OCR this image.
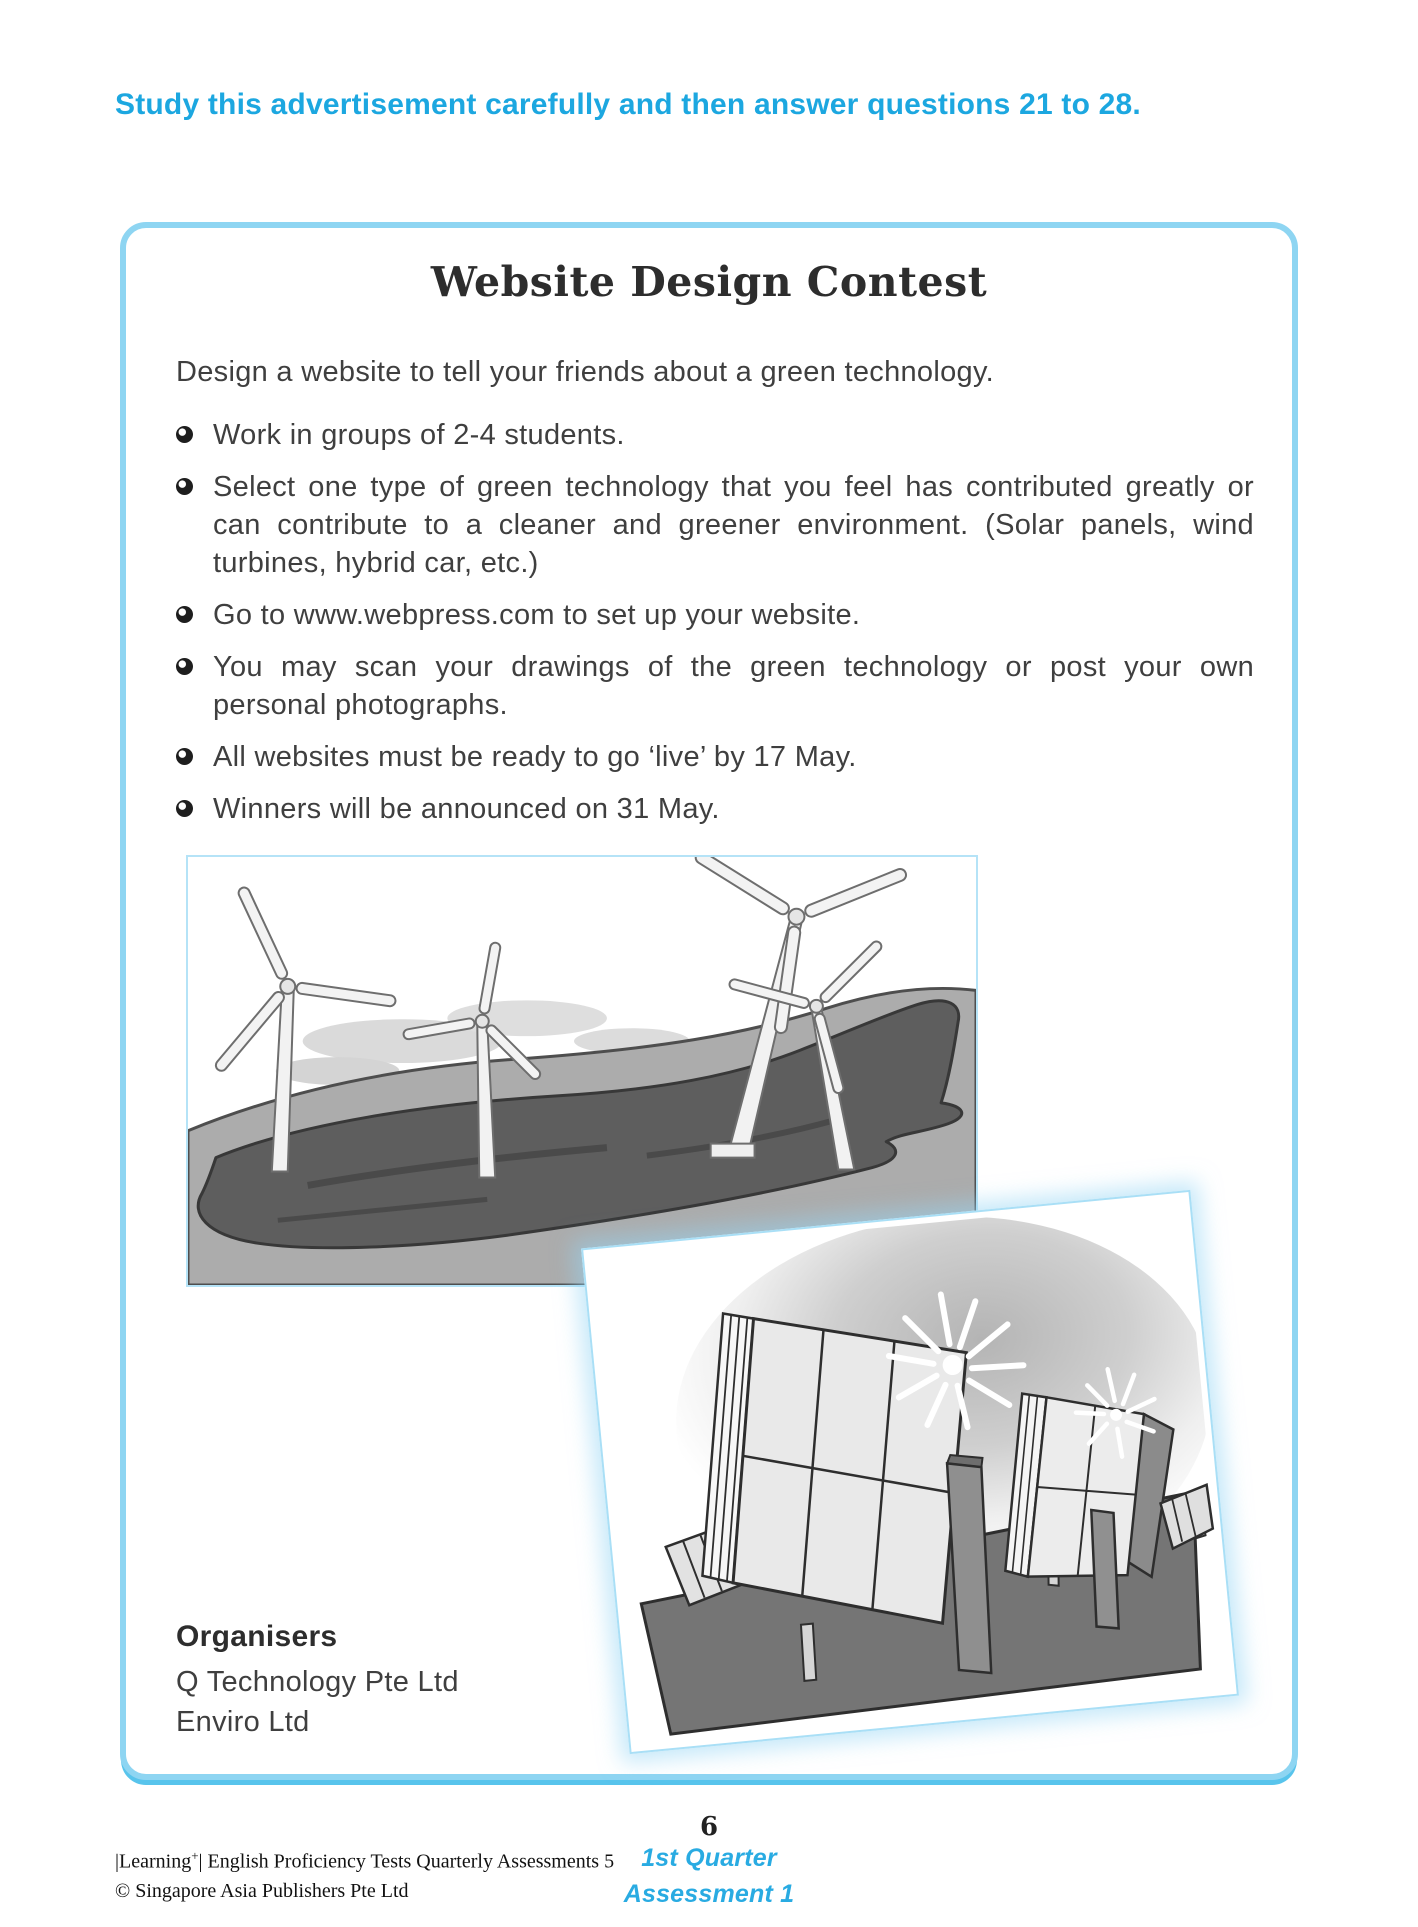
Study this advertisement carefully and then answer questions 21 to 28.
Website Design Contest
Design a website to tell your friends about a green technology.
Work in groups of 2-4 students.
Select one type of green technology that you feel has contributed greatly or can contribute to a cleaner and greener environment. (Solar panels, wind turbines, hybrid car, etc.)
Go to www.webpress.com to set up your website.
You may scan your drawings of the green technology or post your own personal photographs.
All websites must be ready to go ‘live’ by 17 May.
Winners will be announced on 31 May.
Organisers
Q Technology Pte Ltd
Enviro Ltd
6
|Learning+| English Proficiency Tests Quarterly Assessments 5
© Singapore Asia Publishers Pte Ltd
1st Quarter
Assessment 1
